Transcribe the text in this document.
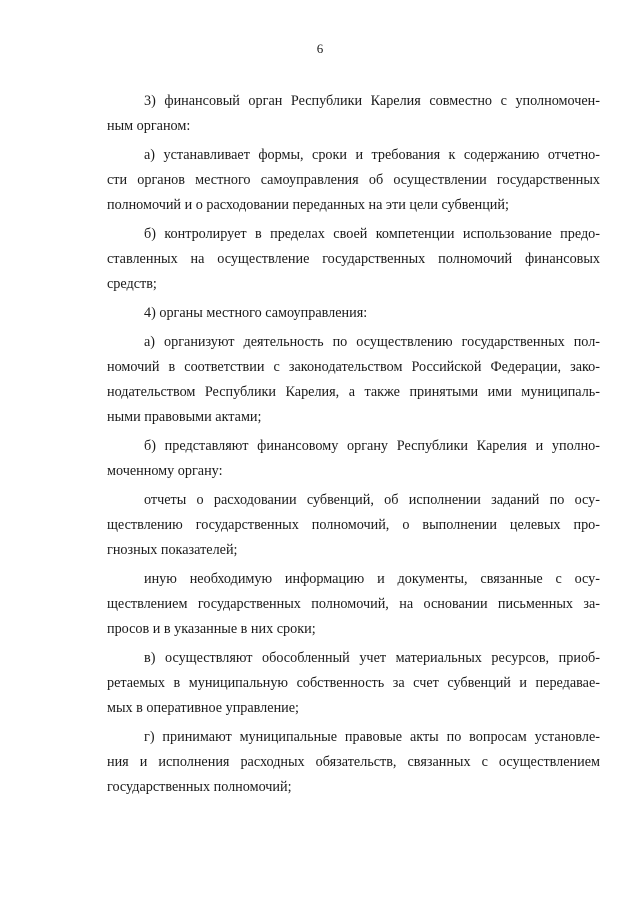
6
3) финансовый орган Республики Карелия совместно с уполномочен-
ным органом:
а) устанавливает формы, сроки и требования к содержанию отчетно-
сти органов местного самоуправления об осуществлении государственных
полномочий и о расходовании переданных на эти цели субвенций;
б) контролирует в пределах своей компетенции использование предо-
ставленных на осуществление государственных полномочий финансовых
средств;
4) органы местного самоуправления:
а) организуют деятельность по осуществлению государственных пол-
номочий в соответствии с законодательством Российской Федерации, зако-
нодательством Республики Карелия, а также принятыми ими муниципаль-
ными правовыми актами;
б) представляют финансовому органу Республики Карелия и уполно-
моченному органу:
отчеты о расходовании субвенций, об исполнении заданий по осу-
ществлению государственных полномочий, о выполнении целевых про-
гнозных показателей;
иную необходимую информацию и документы, связанные с осу-
ществлением государственных полномочий, на основании письменных за-
просов и в указанные в них сроки;
в) осуществляют обособленный учет материальных ресурсов, приоб-
ретаемых в муниципальную собственность за счет субвенций и передавае-
мых в оперативное управление;
г) принимают муниципальные правовые акты по вопросам установле-
ния и исполнения расходных обязательств, связанных с осуществлением
государственных полномочий;
